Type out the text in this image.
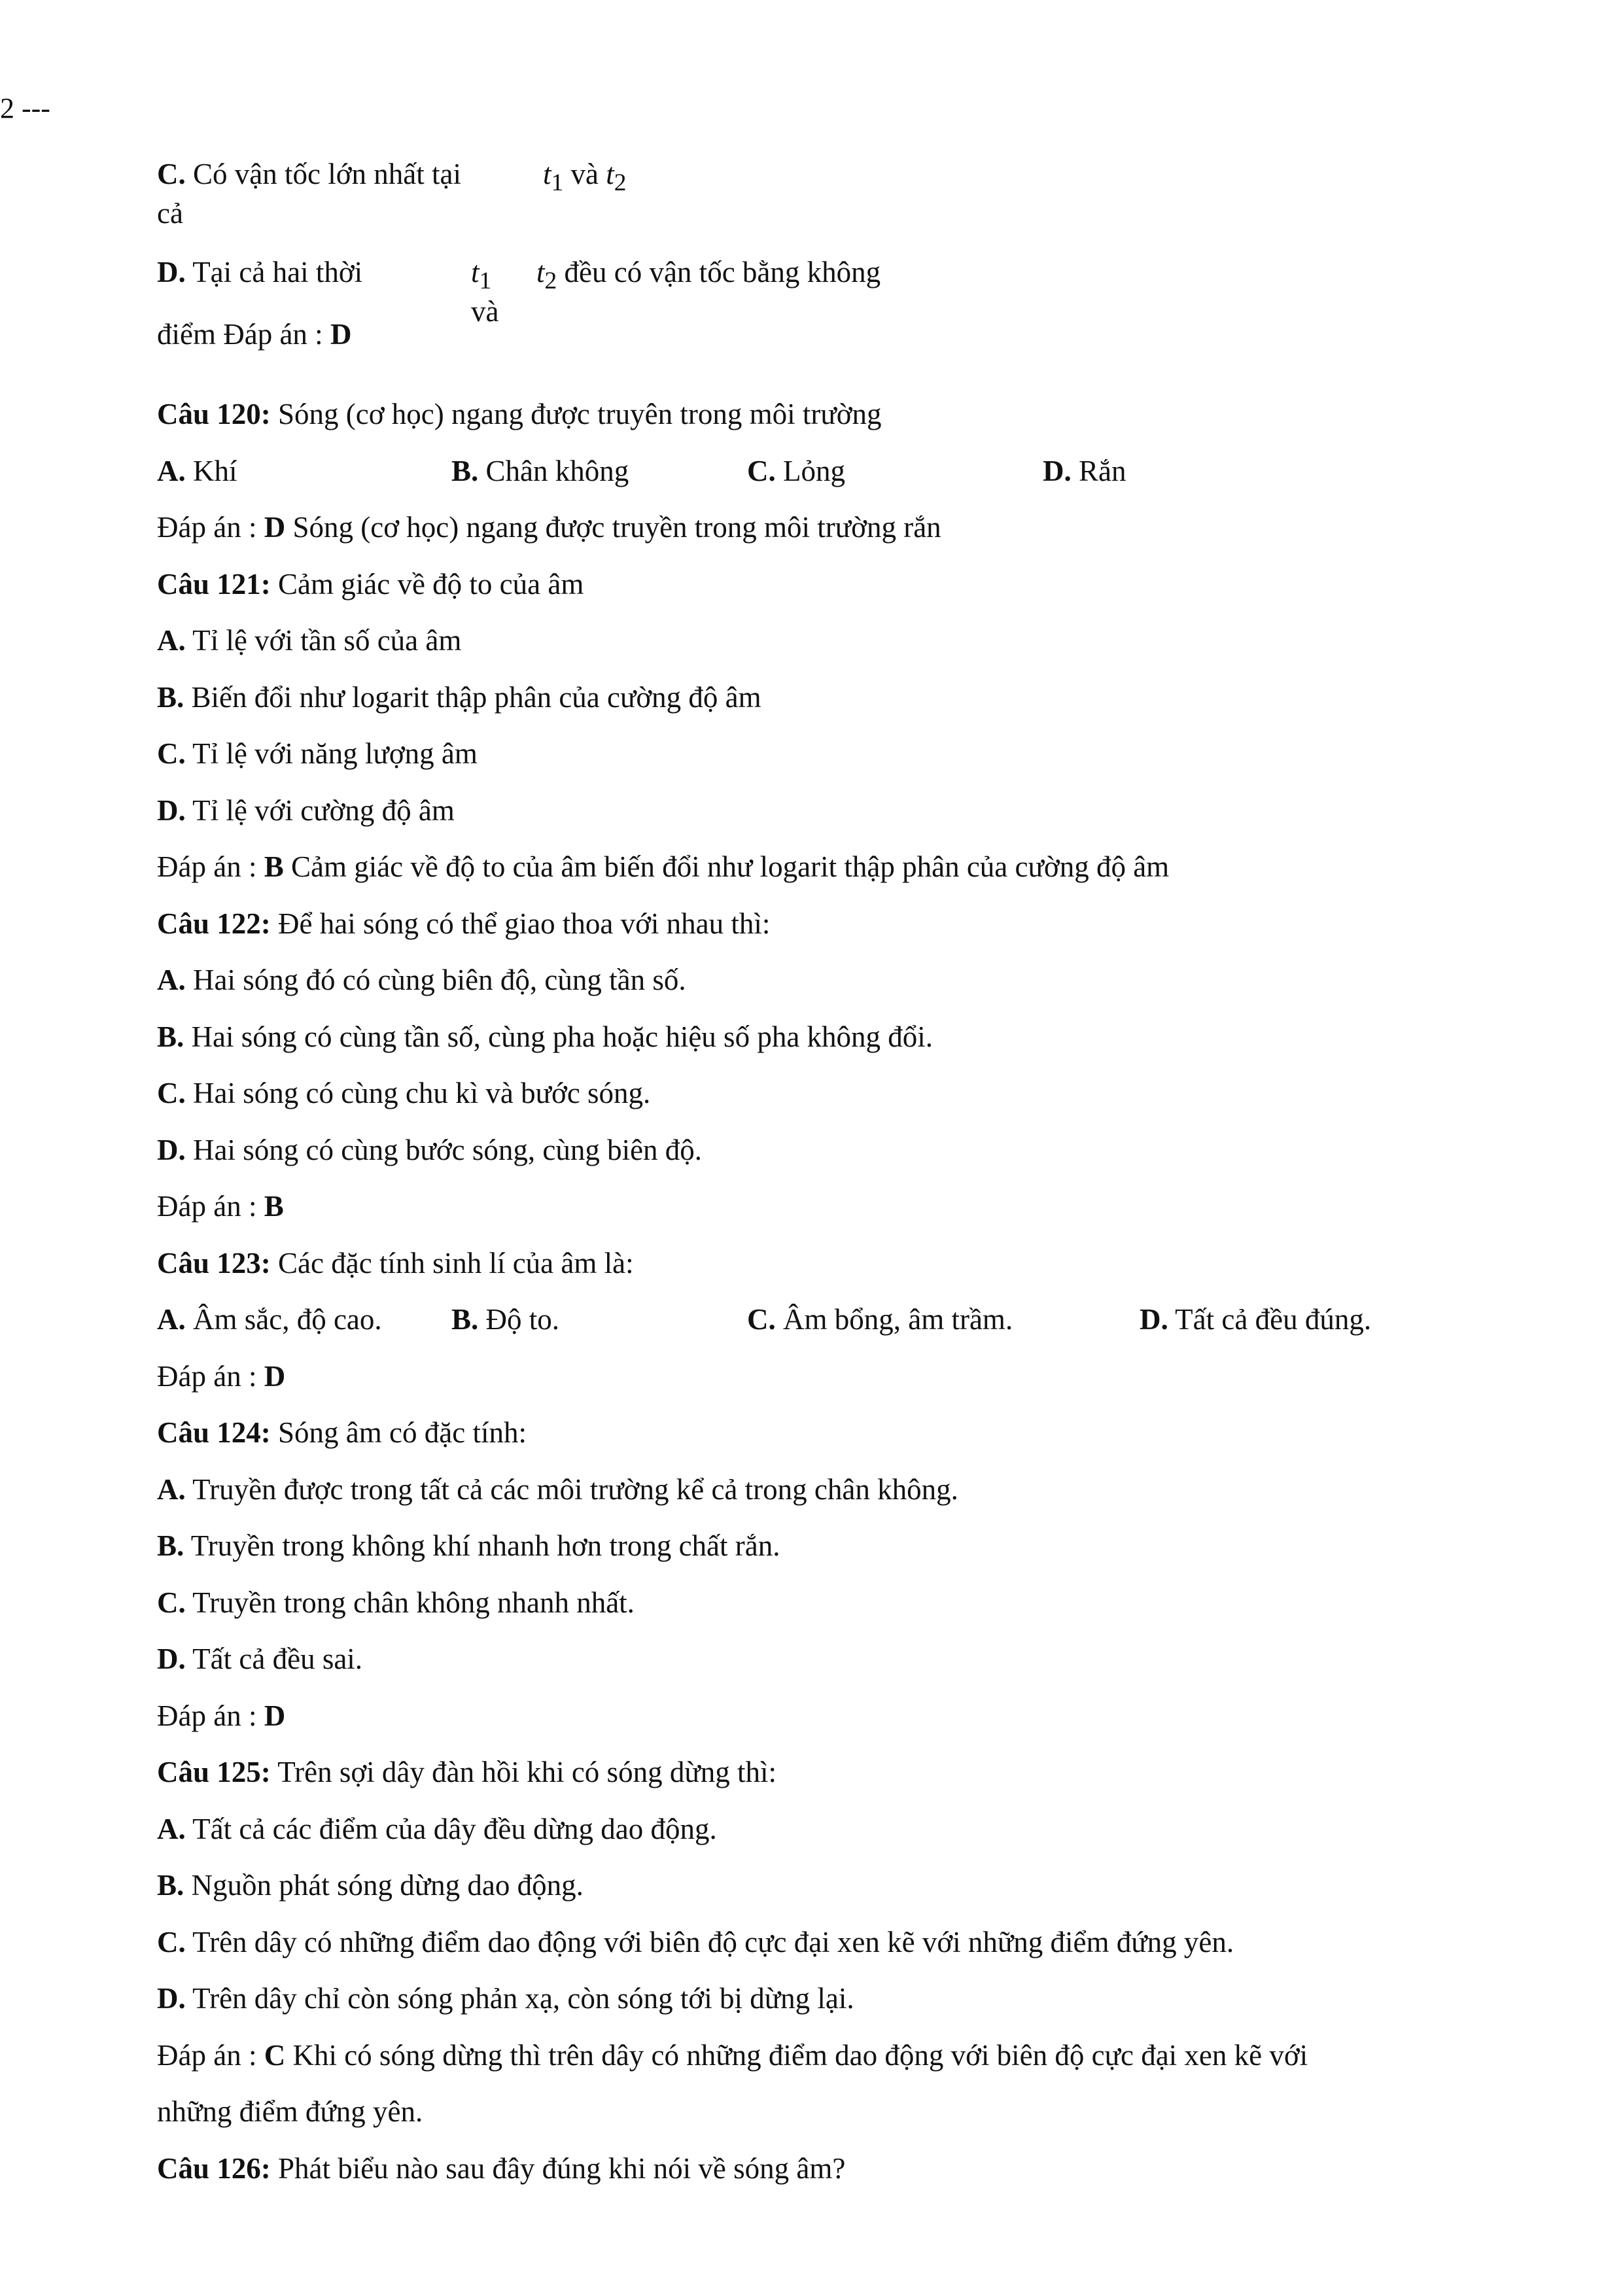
2 ---
C. Có vận tốc lớn nhất tại	$t_1$ và $t_2$
cả
D. Tại cả hai thời	$t_1$
và
$t_2$ đều có vận tốc bằng không
điểm Đáp án : D
Câu 120: Sóng (cơ học) ngang được truyên trong môi trường
A. Khí	B. Chân không	C. Lỏng	D. Rắn
Đáp án : D Sóng (cơ học) ngang được truyền trong môi trường rắn
Câu 121: Cảm giác về độ to của âm
A. Tỉ lệ với tần số của âm
B. Biến đổi như logarit thập phân của cường độ âm
C. Tỉ lệ với năng lượng âm
D. Tỉ lệ với cường độ âm
Đáp án : B Cảm giác về độ to của âm biến đổi như logarit thập phân của cường độ âm
Câu 122: Để hai sóng có thể giao thoa với nhau thì:
A. Hai sóng đó có cùng biên độ, cùng tần số.
B. Hai sóng có cùng tần số, cùng pha hoặc hiệu số pha không đổi.
C. Hai sóng có cùng chu kì và bước sóng.
D. Hai sóng có cùng bước sóng, cùng biên độ.
Đáp án : B
Câu 123: Các đặc tính sinh lí của âm là:
A. Âm sắc, độ cao.	B. Độ to.	C. Âm bổng, âm trầm.	D. Tất cả đều đúng.
Đáp án : D
Câu 124: Sóng âm có đặc tính:
A. Truyền được trong tất cả các môi trường kể cả trong chân không.
B. Truyền trong không khí nhanh hơn trong chất rắn.
C. Truyền trong chân không nhanh nhất.
D. Tất cả đều sai.
Đáp án : D
Câu 125: Trên sợi dây đàn hồi khi có sóng dừng thì:
A. Tất cả các điểm của dây đều dừng dao động.
B. Nguồn phát sóng dừng dao động.
C. Trên dây có những điểm dao động với biên độ cực đại xen kẽ với những điểm đứng yên.
D. Trên dây chỉ còn sóng phản xạ, còn sóng tới bị dừng lại.
Đáp án : C Khi có sóng dừng thì trên dây có những điểm dao động với biên độ cực đại xen kẽ với
những điểm đứng yên.
Câu 126: Phát biểu nào sau đây đúng khi nói về sóng âm?
